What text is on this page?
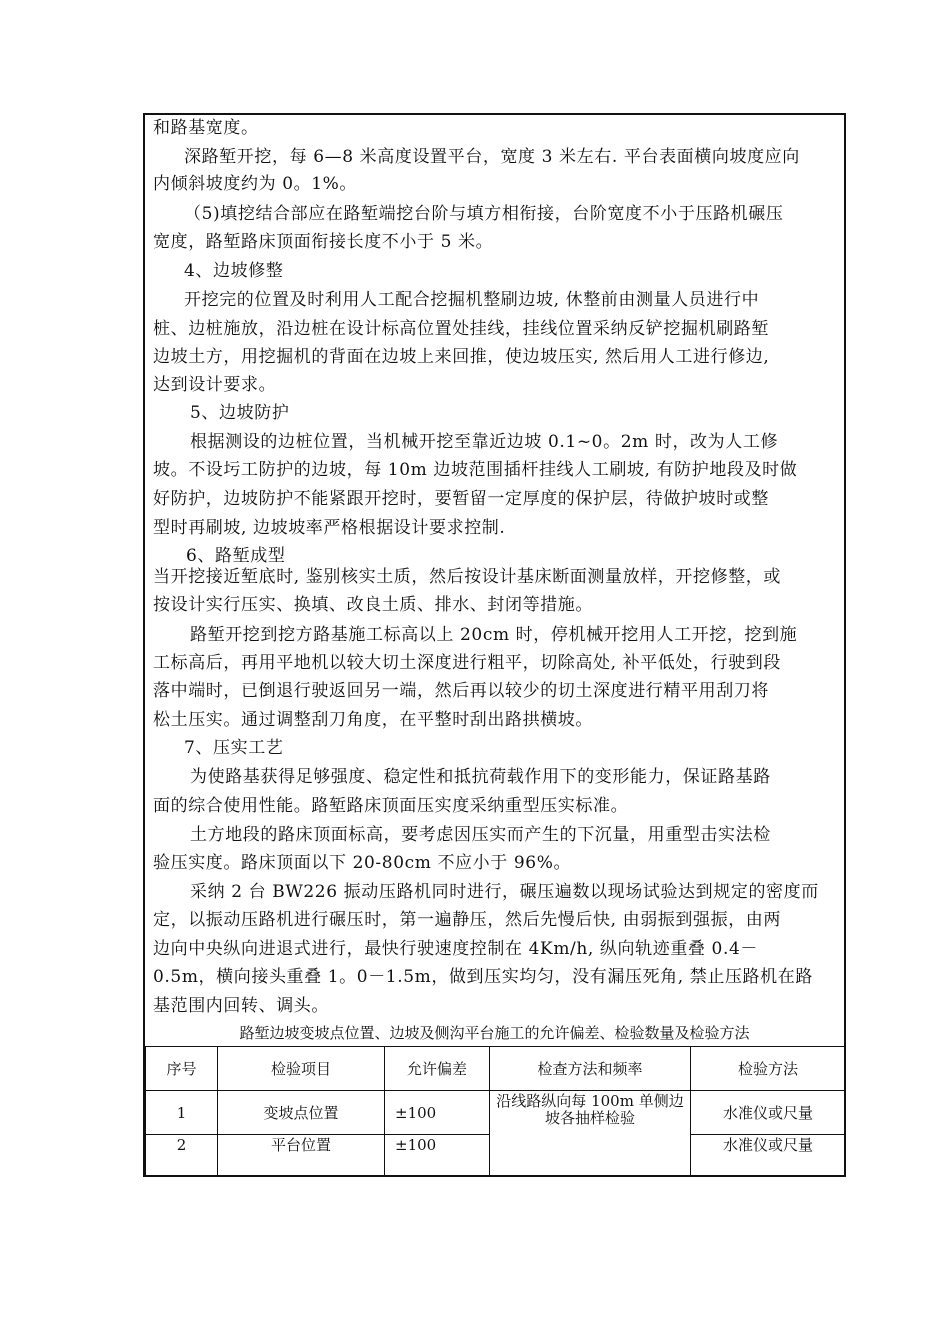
和路基宽度。
深路堑开挖，每 6—8 米高度设置平台，宽度 3 米左右. 平台表面横向坡度应向
内倾斜坡度约为 0。1%。
（5)填挖结合部应在路堑端挖台阶与填方相衔接，台阶宽度不小于压路机碾压
宽度，路堑路床顶面衔接长度不小于 5 米。
4、边坡修整
开挖完的位置及时利用人工配合挖掘机整刷边坡, 休整前由测量人员进行中
桩、边桩施放，沿边桩在设计标高位置处挂线，挂线位置采纳反铲挖掘机刷路堑
边坡土方，用挖掘机的背面在边坡上来回推，使边坡压实, 然后用人工进行修边,
达到设计要求。
5、边坡防护
根据测设的边桩位置，当机械开挖至靠近边坡 0.1~0。2m 时，改为人工修
坡。不设圬工防护的边坡，每 10m 边坡范围插杆挂线人工刷坡, 有防护地段及时做
好防护，边坡防护不能紧跟开挖时，要暂留一定厚度的保护层，待做护坡时或整
型时再刷坡, 边坡坡率严格根据设计要求控制.
6、路堑成型
当开挖接近堑底时, 鉴别核实土质，然后按设计基床断面测量放样，开挖修整，或
按设计实行压实、换填、改良土质、排水、封闭等措施。
路堑开挖到挖方路基施工标高以上 20cm 时，停机械开挖用人工开挖，挖到施
工标高后，再用平地机以较大切土深度进行粗平，切除高处, 补平低处，行驶到段
落中端时，已倒退行驶返回另一端，然后再以较少的切土深度进行精平用刮刀将
松土压实。通过调整刮刀角度，在平整时刮出路拱横坡。
7、压实工艺
为使路基获得足够强度、稳定性和抵抗荷载作用下的变形能力，保证路基路
面的综合使用性能。路堑路床顶面压实度采纳重型压实标准。
土方地段的路床顶面标高，要考虑因压实而产生的下沉量，用重型击实法检
验压实度。路床顶面以下 20-80cm 不应小于 96%。
采纳 2 台 BW226 振动压路机同时进行，碾压遍数以现场试验达到规定的密度而
定，以振动压路机进行碾压时，第一遍静压，然后先慢后快, 由弱振到强振，由两
边向中央纵向进退式进行，最快行驶速度控制在 4Km/h, 纵向轨迹重叠 0.4－
0.5m，横向接头重叠 1。0－1.5m，做到压实均匀，没有漏压死角, 禁止压路机在路
基范围内回转、调头。
路堑边坡变坡点位置、边坡及侧沟平台施工的允许偏差、检验数量及检验方法
序号	检验项目	允许偏差	检查方法和频率	检验方法
1	变坡点位置	±100	沿线路纵向每 100m 单侧边坡各抽样检验	水准仪或尺量
2	平台位置	±100		水准仪或尺量
